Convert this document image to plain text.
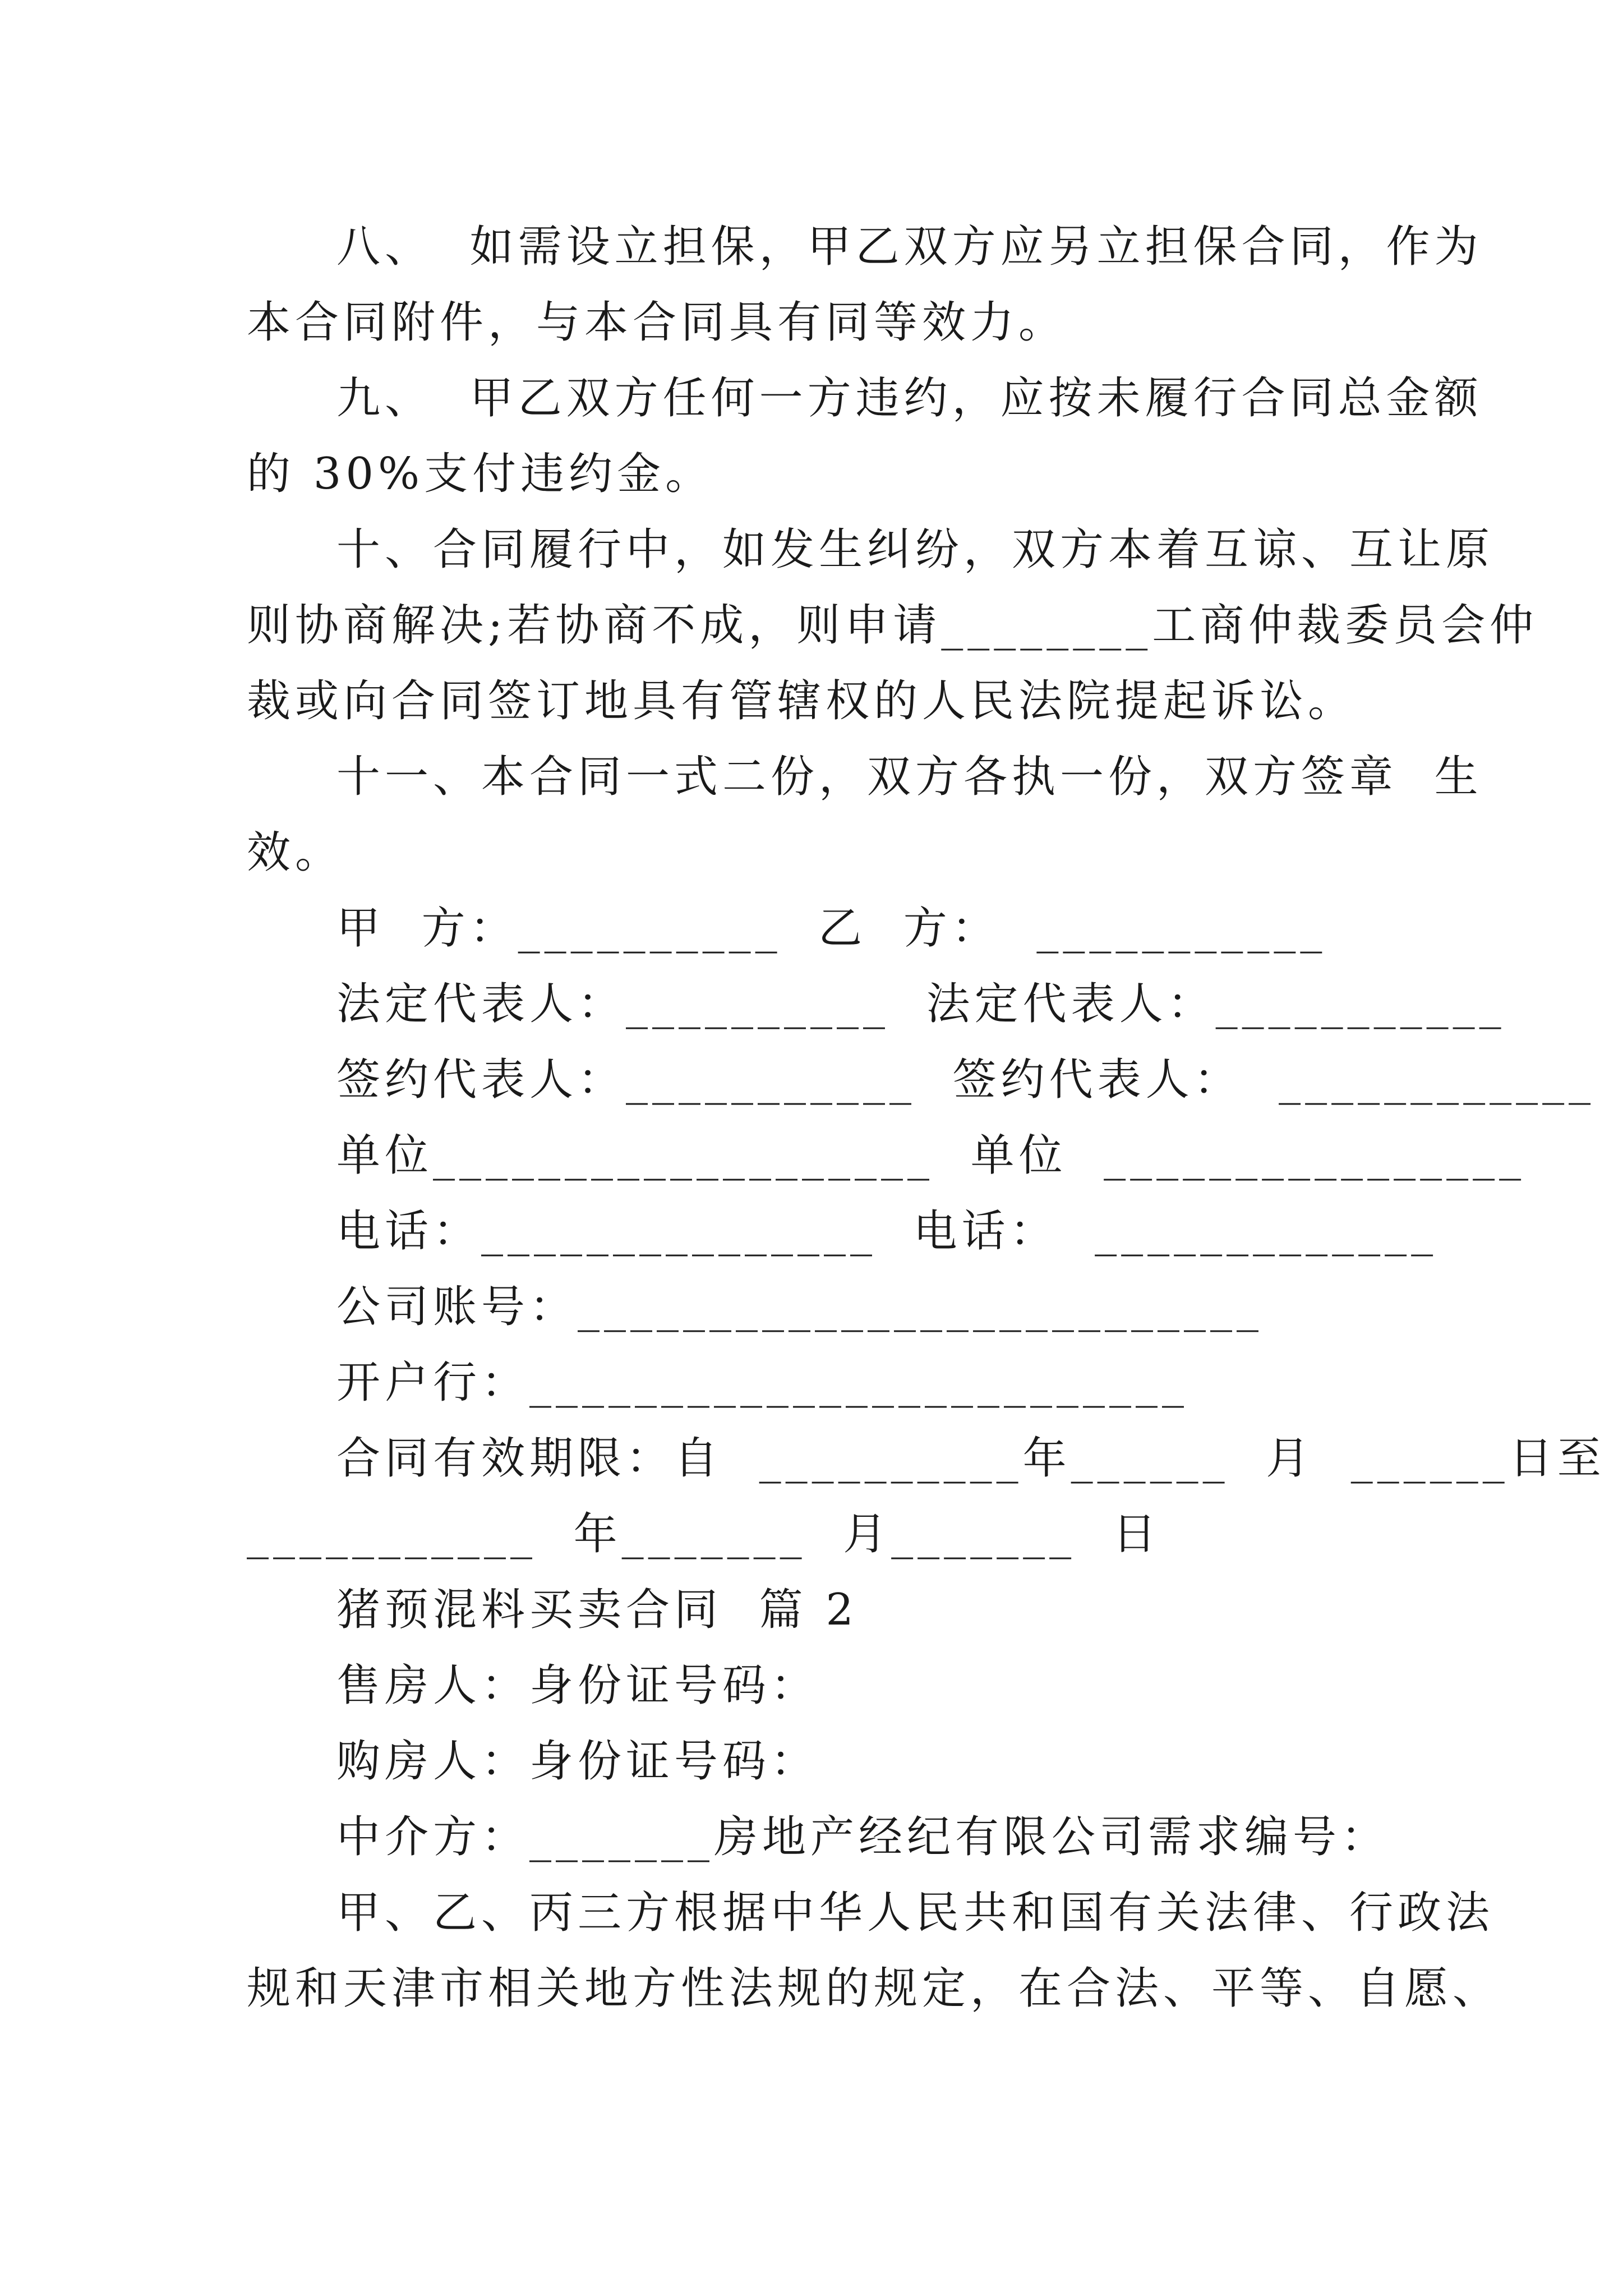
八、  如需设立担保，甲乙双方应另立担保合同，作为
本合同附件，与本合同具有同等效力。
九、  甲乙双方任何一方违约，应按未履行合同总金额
的 30%支付违约金。
十、合同履行中，如发生纠纷，双方本着互谅、互让原
则协商解决;若协商不成，则申请________工商仲裁委员会仲
裁或向合同签订地具有管辖权的人民法院提起诉讼。
十一、本合同一式二份，双方各执一份，双方签章  生
效。
甲  方：__________  乙  方：  ___________
法定代表人：__________  法定代表人：___________
签约代表人：___________  签约代表人：  ____________
单位___________________  单位  ________________
电话：_______________  电话：  _____________
公司账号：__________________________
开户行：_________________________
合同有效期限：自  __________年______  月  ______日至
___________  年_______  月_______  日
猪预混料买卖合同  篇 2
售房人：身份证号码：
购房人：身份证号码：
中介方：_______房地产经纪有限公司需求编号：
甲、乙、丙三方根据中华人民共和国有关法律、行政法
规和天津市相关地方性法规的规定，在合法、平等、自愿、
